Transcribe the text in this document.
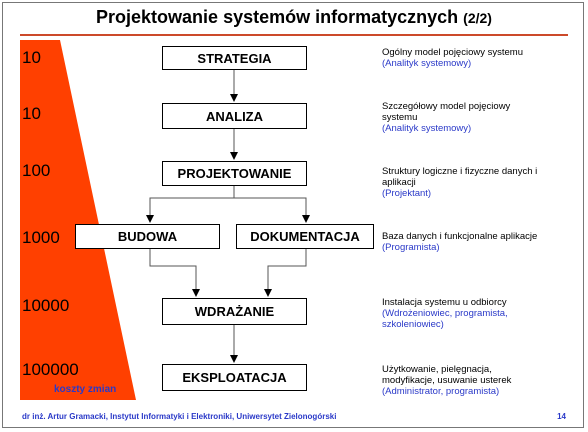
Projektowanie systemów informatycznych (2/2)
10
10
100
1000
10000
100000
koszty zmian
STRATEGIA
ANALIZA
PROJEKTOWANIE
BUDOWA	DOKUMENTACJA
WDRAŻANIE
EKSPLOATACJA
Ogólny model pojęciowy systemu
(Analityk systemowy)
Szczegółowy model pojęciowy systemu
(Analityk systemowy)
Struktury logiczne i fizyczne danych i aplikacji
(Projektant)
Baza danych i funkcjonalne aplikacje
(Programista)
Instalacja systemu u odbiorcy
(Wdrożeniowiec, programista, szkoleniowiec)
Użytkowanie, pielęgnacja, modyfikacje, usuwanie usterek
(Administrator, programista)
dr inż. Artur Gramacki, Instytut Informatyki i Elektroniki, Uniwersytet Zielonogórski	14
